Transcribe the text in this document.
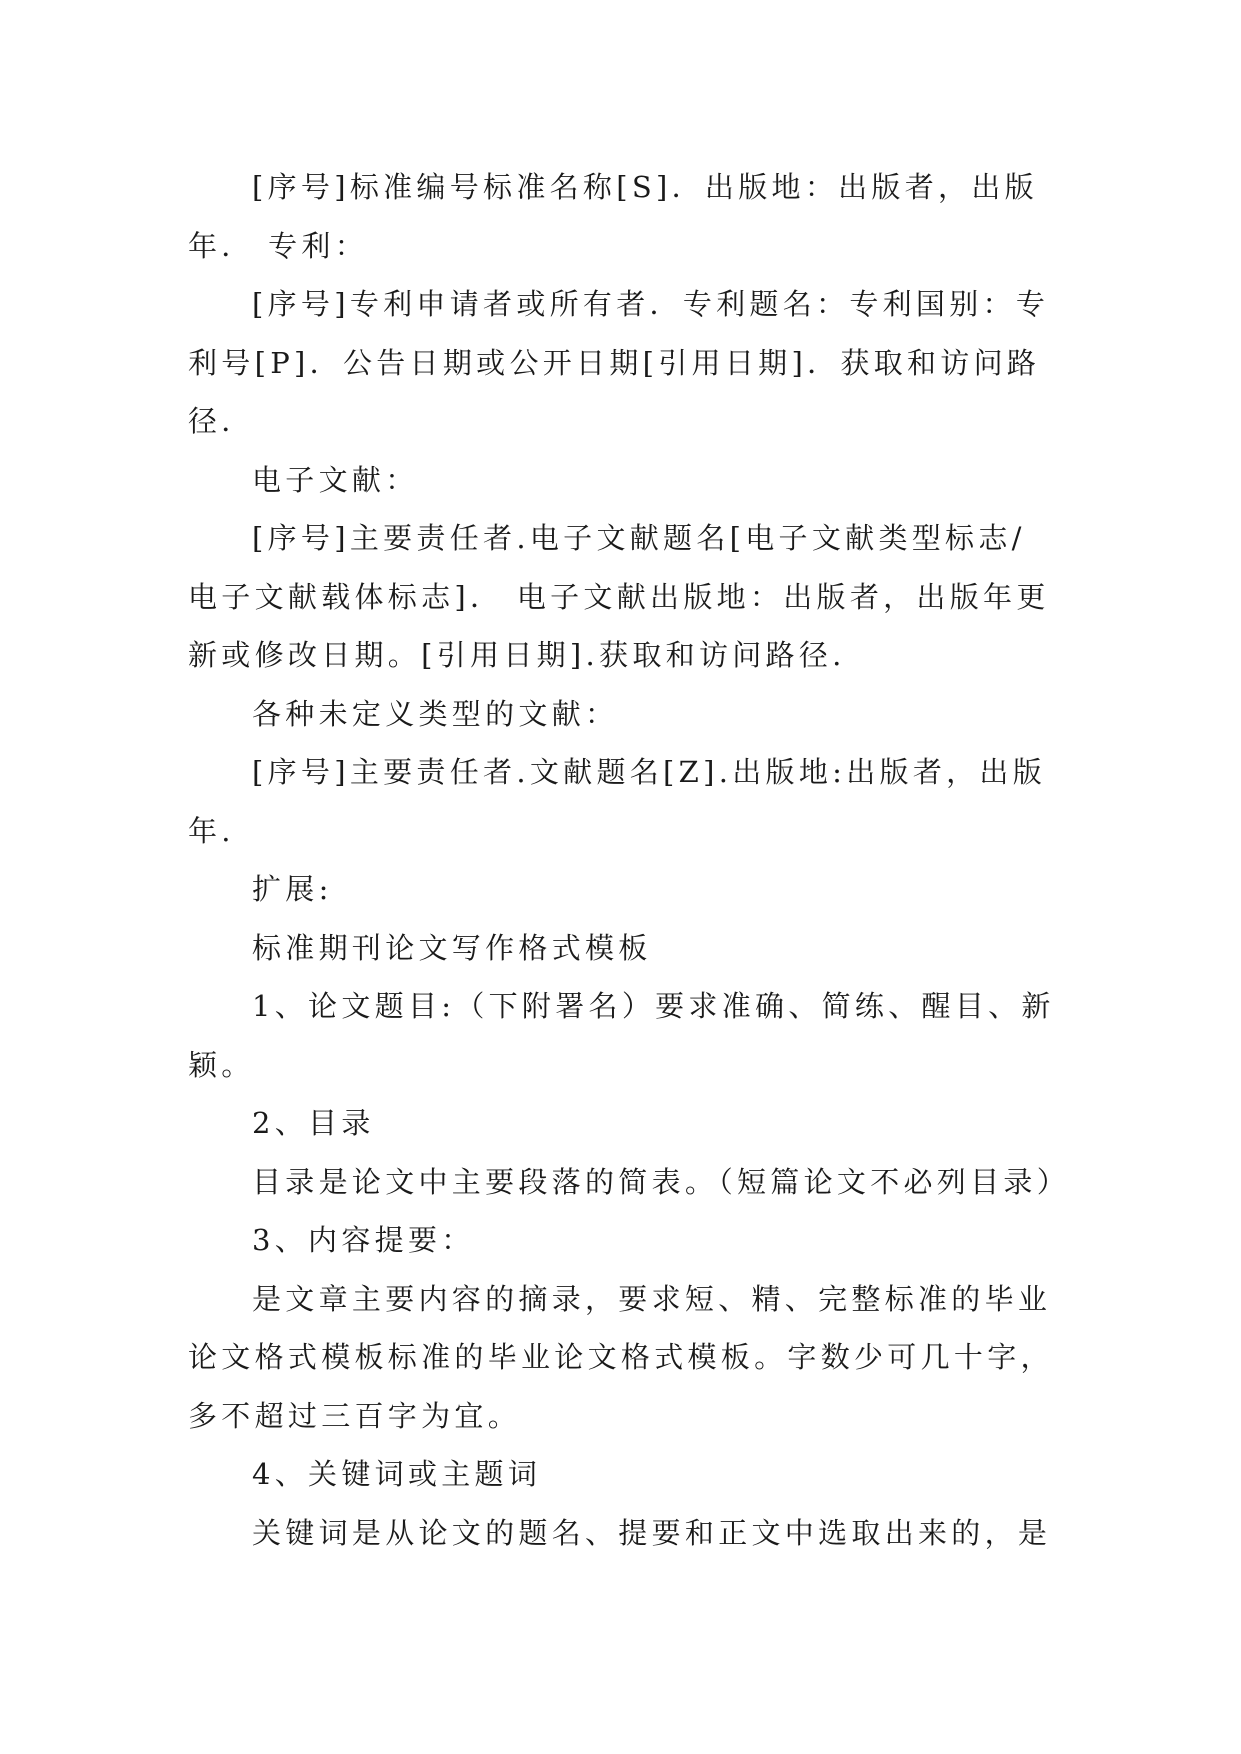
[序号]标准编号标准名称[S]．出版地：出版者，出版年． 专利：

[序号]专利申请者或所有者．专利题名：专利国别：专利号[P]．公告日期或公开日期[引用日期]．获取和访问路径．

电子文献：

[序号]主要责任者.电子文献题名[电子文献类型标志/电子文献载体标志]． 电子文献出版地：出版者，出版年更新或修改日期。[引用日期].获取和访问路径.

各种未定义类型的文献：

[序号]主要责任者.文献题名[Z].出版地:出版者，出版年.

扩展:

标准期刊论文写作格式模板

1、论文题目:（下附署名）要求准确、简练、醒目、新颖。

2、目录

目录是论文中主要段落的简表。（短篇论文不必列目录）

3、内容提要：

是文章主要内容的摘录，要求短、精、完整标准的毕业论文格式模板标准的毕业论文格式模板。字数少可几十字，多不超过三百字为宜。

4、关键词或主题词

关键词是从论文的题名、提要和正文中选取出来的，是
